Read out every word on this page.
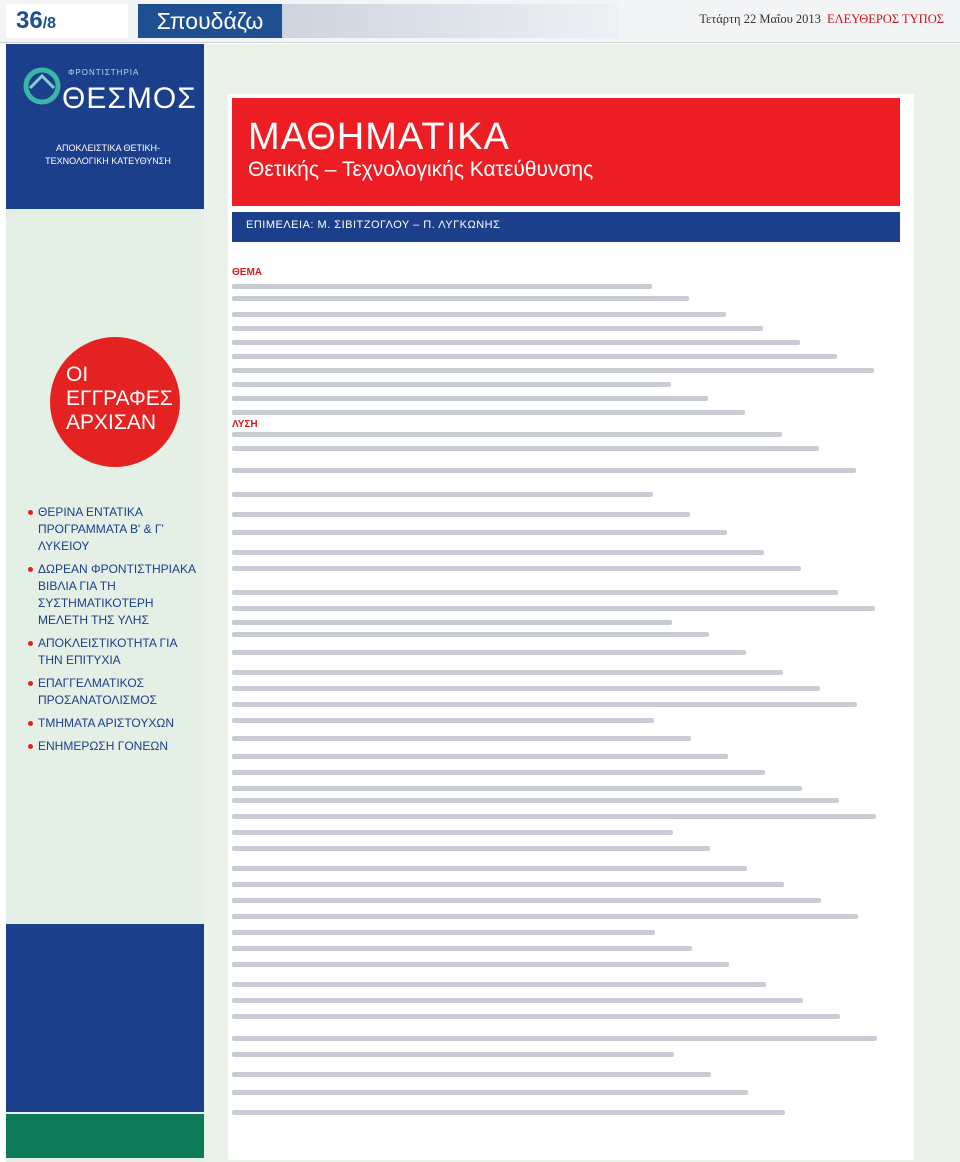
36/8	Σπουδάζω	Τετάρτη 22 Μαΐου 2013 ΕΛΕΥΘΕΡΟΣ ΤΥΠΟΣ
ΦΡΟΝΤΙΣΤΗΡΙΑ
ΘΕΣΜΟΣ
ΑΠΟΚΛΕΙΣΤΙΚΑ ΘΕΤΙΚΗ-ΤΕΧΝΟΛΟΓΙΚΗ ΚΑΤΕΥΘΥΝΣΗ
ΟΙ ΕΓΓΡΑΦΕΣ ΑΡΧΙΣΑΝ
ΘΕΡΙΝΑ ΕΝΤΑΤΙΚΑ ΠΡΟΓΡΑΜΜΑΤΑ Β' & Γ' ΛΥΚΕΙΟΥ
ΔΩΡΕΑΝ ΦΡΟΝΤΙΣΤΗΡΙΑΚΑ ΒΙΒΛΙΑ ΓΙΑ ΤΗ ΣΥΣΤΗΜΑΤΙΚΟΤΕΡΗ ΜΕΛΕΤΗ ΤΗΣ ΥΛΗΣ
ΑΠΟΚΛΕΙΣΤΙΚΟΤΗΤΑ ΓΙΑ ΤΗΝ ΕΠΙΤΥΧΙΑ
ΕΠΑΓΓΕΛΜΑΤΙΚΟΣ ΠΡΟΣΑΝΑΤΟΛΙΣΜΟΣ
ΤΜΗΜΑΤΑ ΑΡΙΣΤΟΥΧΩΝ
ΕΝΗΜΕΡΩΣΗ ΓΟΝΕΩΝ
ΜΑΘΗΜΑΤΙΚΑ
Θετικής – Τεχνολογικής Κατεύθυνσης
ΕΠΙΜΕΛΕΙΑ: Μ. ΣΙΒΙΤΖΟΓΛΟΥ – Π. ΛΥΓΚΩΝΗΣ
ΘΕΜΑ
ΛΥΣΗ
